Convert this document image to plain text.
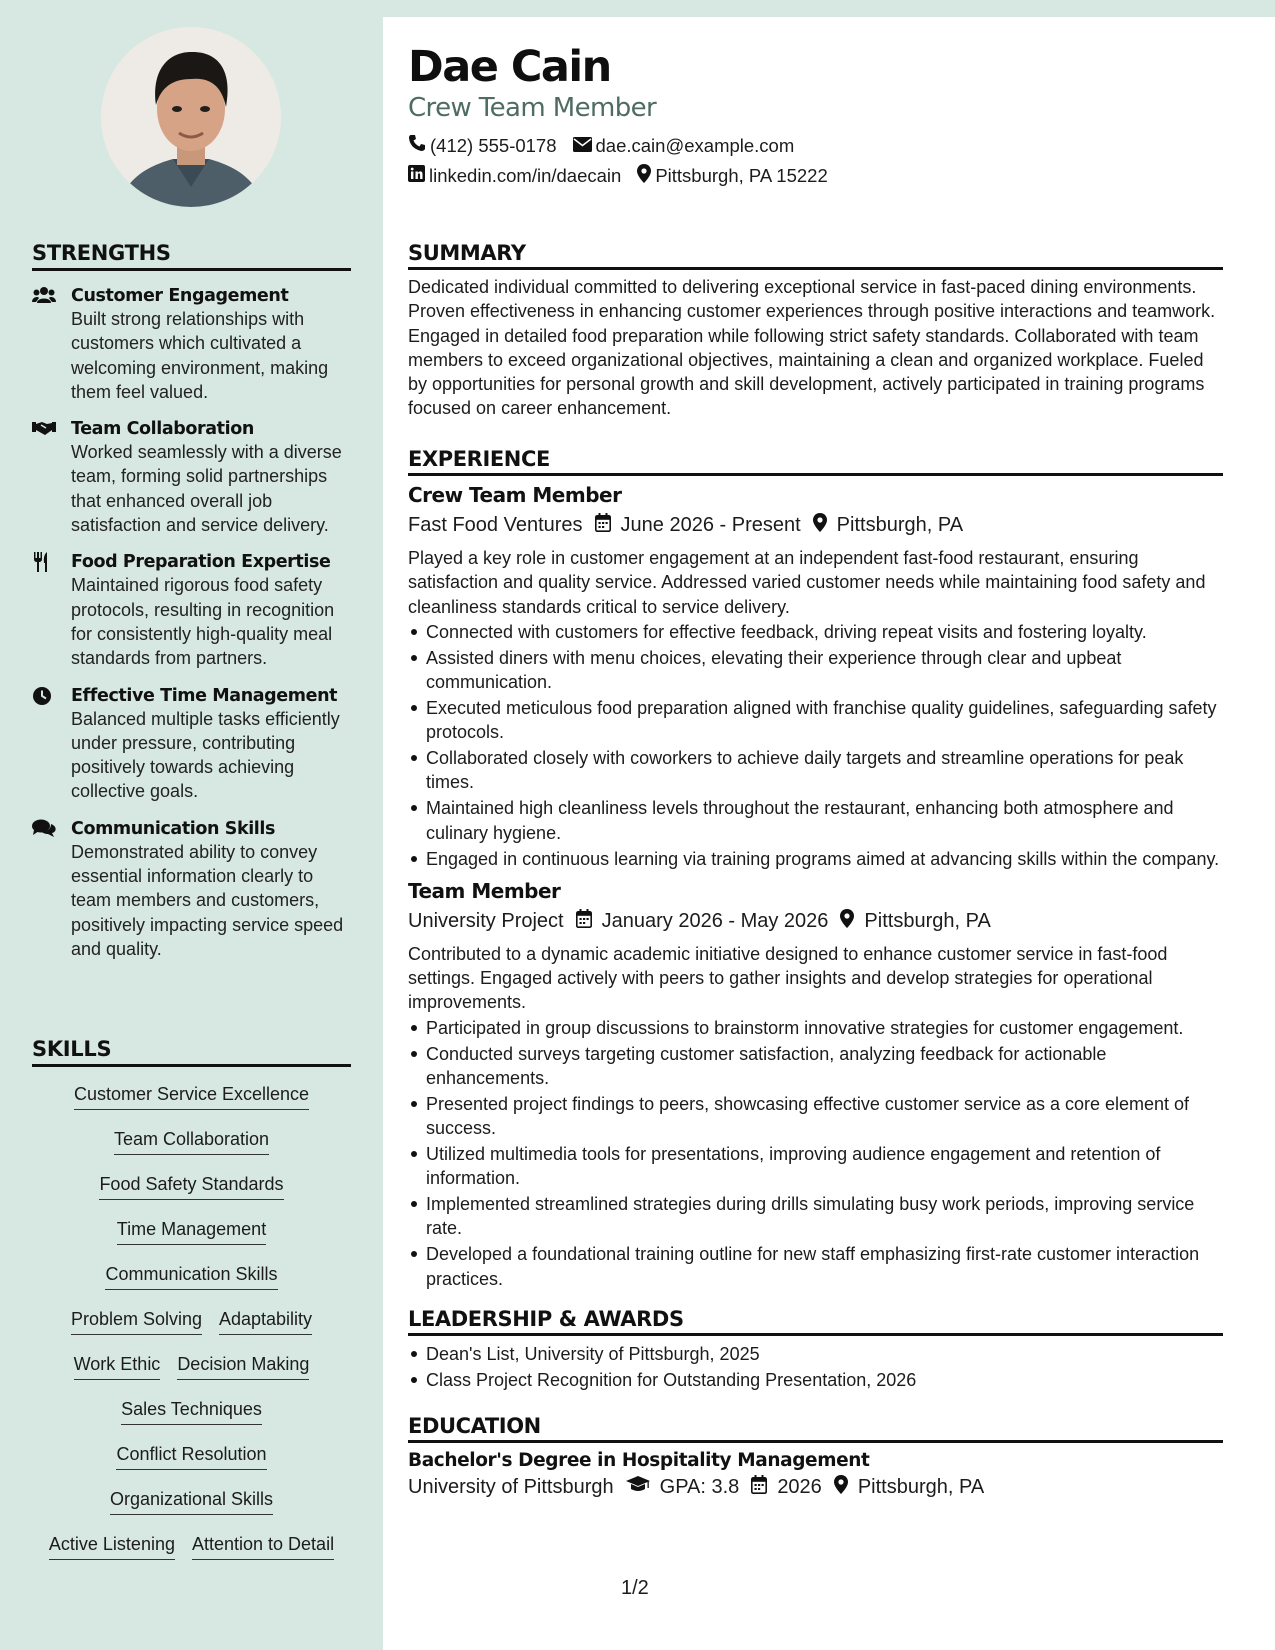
STRENGTHS
Customer Engagement
Built strong relationships with customers which cultivated a welcoming environment, making them feel valued.
Team Collaboration
Worked seamlessly with a diverse team, forming solid partnerships that enhanced overall job satisfaction and service delivery.
Food Preparation Expertise
Maintained rigorous food safety protocols, resulting in recognition for consistently high-quality meal standards from partners.
Effective Time Management
Balanced multiple tasks efficiently under pressure, contributing positively towards achieving collective goals.
Communication Skills
Demonstrated ability to convey essential information clearly to team members and customers, positively impacting service speed and quality.
SKILLS
Customer Service Excellence
Team Collaboration
Food Safety Standards
Time Management
Communication Skills
Problem Solving Adaptability
Work Ethic Decision Making
Sales Techniques
Conflict Resolution
Organizational Skills
Active Listening Attention to Detail
Dae Cain
Crew Team Member
(412) 555-0178 dae.cain@example.com
linkedin.com/in/daecain Pittsburgh, PA 15222
SUMMARY
Dedicated individual committed to delivering exceptional service in fast-paced dining environments. Proven effectiveness in enhancing customer experiences through positive interactions and teamwork. Engaged in detailed food preparation while following strict safety standards. Collaborated with team members to exceed organizational objectives, maintaining a clean and organized workplace. Fueled by opportunities for personal growth and skill development, actively participated in training programs focused on career enhancement.
EXPERIENCE
Crew Team Member
Fast Food Ventures June 2026 - Present Pittsburgh, PA
Played a key role in customer engagement at an independent fast-food restaurant, ensuring satisfaction and quality service. Addressed varied customer needs while maintaining food safety and cleanliness standards critical to service delivery.
Connected with customers for effective feedback, driving repeat visits and fostering loyalty.
Assisted diners with menu choices, elevating their experience through clear and upbeat communication.
Executed meticulous food preparation aligned with franchise quality guidelines, safeguarding safety protocols.
Collaborated closely with coworkers to achieve daily targets and streamline operations for peak times.
Maintained high cleanliness levels throughout the restaurant, enhancing both atmosphere and culinary hygiene.
Engaged in continuous learning via training programs aimed at advancing skills within the company.
Team Member
University Project January 2026 - May 2026 Pittsburgh, PA
Contributed to a dynamic academic initiative designed to enhance customer service in fast-food settings. Engaged actively with peers to gather insights and develop strategies for operational improvements.
Participated in group discussions to brainstorm innovative strategies for customer engagement.
Conducted surveys targeting customer satisfaction, analyzing feedback for actionable enhancements.
Presented project findings to peers, showcasing effective customer service as a core element of success.
Utilized multimedia tools for presentations, improving audience engagement and retention of information.
Implemented streamlined strategies during drills simulating busy work periods, improving service rate.
Developed a foundational training outline for new staff emphasizing first-rate customer interaction practices.
LEADERSHIP & AWARDS
Dean's List, University of Pittsburgh, 2025
Class Project Recognition for Outstanding Presentation, 2026
EDUCATION
Bachelor's Degree in Hospitality Management
University of Pittsburgh GPA: 3.8 2026 Pittsburgh, PA
1/2
